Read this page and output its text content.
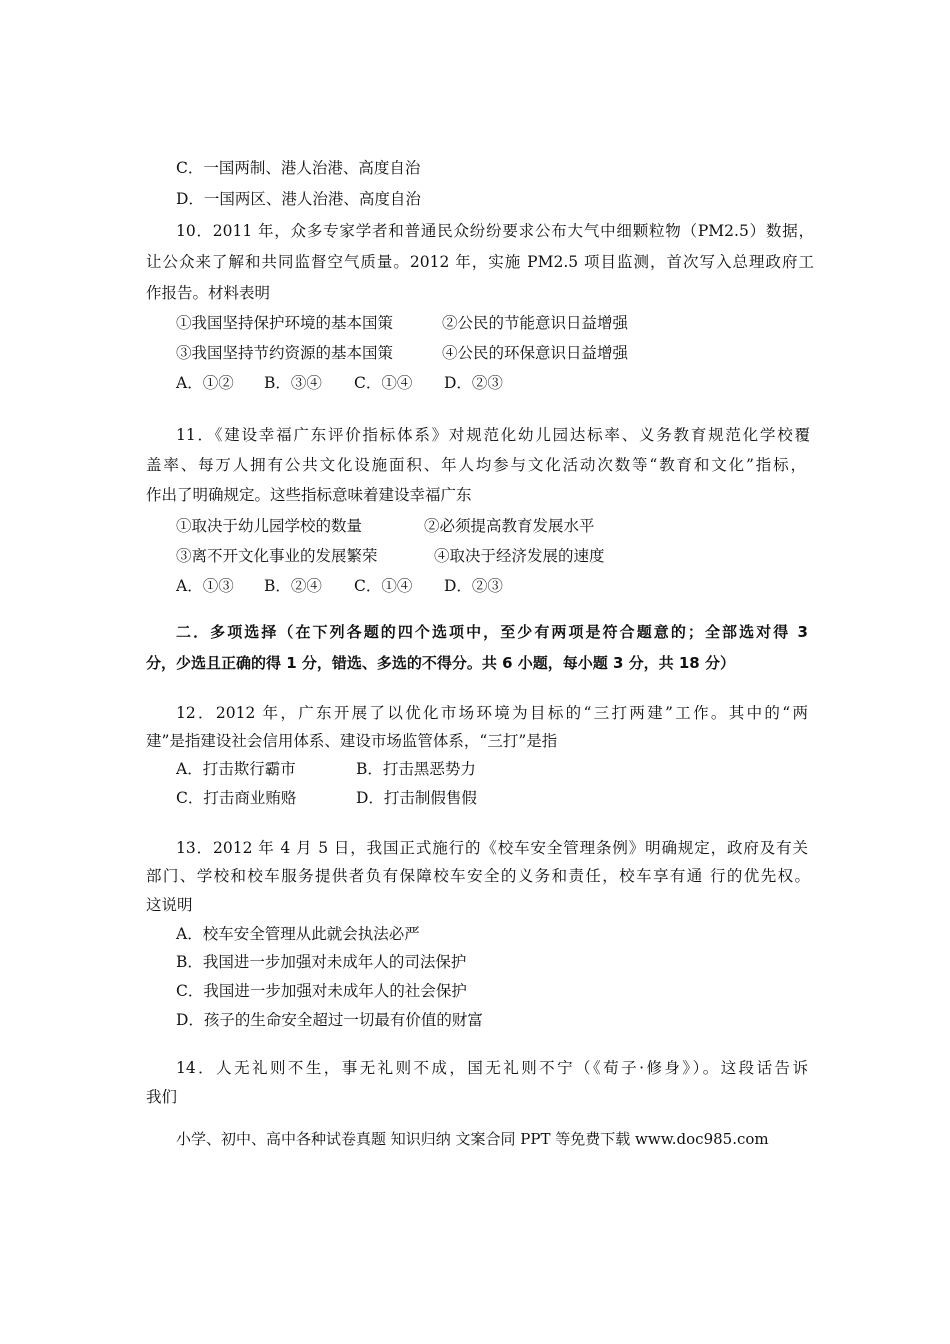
C．一国两制、港人治港、高度自治
D．一国两区、港人治港、高度自治
10．2011 年，众多专家学者和普通民众纷纷要求公布大气中细颗粒物（PM2.5）数据，
让公众来了解和共同监督空气质量。2012 年，实施 PM2.5 项目监测，首次写入总理政府工
作报告。材料表明
①我国坚持保护环境的基本国策	②公民的节能意识日益增强
③我国坚持节约资源的基本国策	④公民的环保意识日益增强
A．①② B．③④ C．①④ D．②③
11．《建设幸福广东评价指标体系》对规范化幼儿园达标率、义务教育规范化学校覆
盖率、每万人拥有公共文化设施面积、年人均参与文化活动次数等“教育和文化”指标，
作出了明确规定。这些指标意味着建设幸福广东
①取决于幼儿园学校的数量	②必须提高教育发展水平
③离不开文化事业的发展繁荣	④取决于经济发展的速度
A．①③ B．②④ C．①④ D．②③
二．多项选择（在下列各题的四个选项中，至少有两项是符合题意的；全部选对得 3
分，少选且正确的得 1 分，错选、多选的不得分。共 6 小题，每小题 3 分，共 18 分）
12．2012 年，广东开展了以优化市场环境为目标的“三打两建”工作。其中的“两
建”是指建设社会信用体系、建设市场监管体系，“三打”是指
A．打击欺行霸市	B．打击黑恶势力
C．打击商业贿赂	D．打击制假售假
13．2012 年 4 月 5 日，我国正式施行的《校车安全管理条例》明确规定，政府及有关
部门、学校和校车服务提供者负有保障校车安全的义务和责任，校车享有通 行的优先权。
这说明
A．校车安全管理从此就会执法必严
B．我国进一步加强对未成年人的司法保护
C．我国进一步加强对未成年人的社会保护
D．孩子的生命安全超过一切最有价值的财富
14．人无礼则不生，事无礼则不成，国无礼则不宁（《荀子·修身》）。这段话告诉
我们
小学、初中、高中各种试卷真题 知识归纳 文案合同 PPT 等免费下载 www.doc985.com
